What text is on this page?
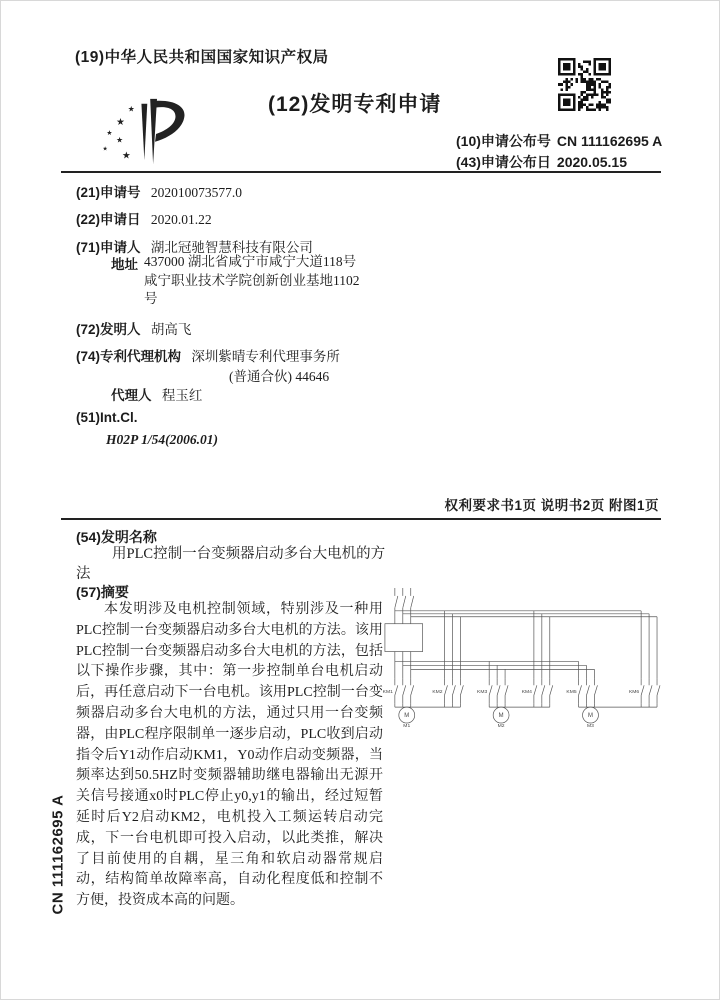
(19)中华人民共和国国家知识产权局
★
★
★
★
★
★
(12)发明专利申请
(10)申请公布号 CN 111162695 A
(43)申请公布日 2020.05.15
(21)申请号 202010073577.0
(22)申请日 2020.01.22
(71)申请人 湖北冠驰智慧科技有限公司
地址 437000 湖北省咸宁市咸宁大道118号
咸宁职业技术学院创新创业基地1102
号
(72)发明人 胡高飞
(74)专利代理机构 深圳紫晴专利代理事务所
(普通合伙) 44646
代理人 程玉红
(51)Int.Cl.
H02P 1/54(2006.01)
权利要求书1页 说明书2页 附图1页
(54)发明名称
用PLC控制一台变频器启动多台大电机的方法
(57)摘要
本发明涉及电机控制领域，特别涉及一种用PLC控制一台变频器启动多台大电机的方法。该用PLC控制一台变频器启动多台大电机的方法，包括以下操作步骤，其中：第一步控制单台电机启动后，再任意启动下一台电机。该用PLC控制一台变频器启动多台大电机的方法，通过只用一台变频器，由PLC程序限制单一逐步启动，PLC收到启动指令后Y1动作启动KM1，Y0动作启动变频器，当频率达到50.5HZ时变频器辅助继电器输出无源开关信号接通x0时PLC停止y0,y1的输出，经过短暂延时后Y2启动KM2，电机投入工频运转启动完成，下一台电机即可投入启动，以此类推，解决了目前使用的自耦，星三角和软启动器常规启动，结构简单故障率高，自动化程度低和控制不方便，投资成本高的问题。
KM1	KM2	KM3	KM4	KM5	KM6
M	M	M
M1	M2	M3
CN 111162695 A
